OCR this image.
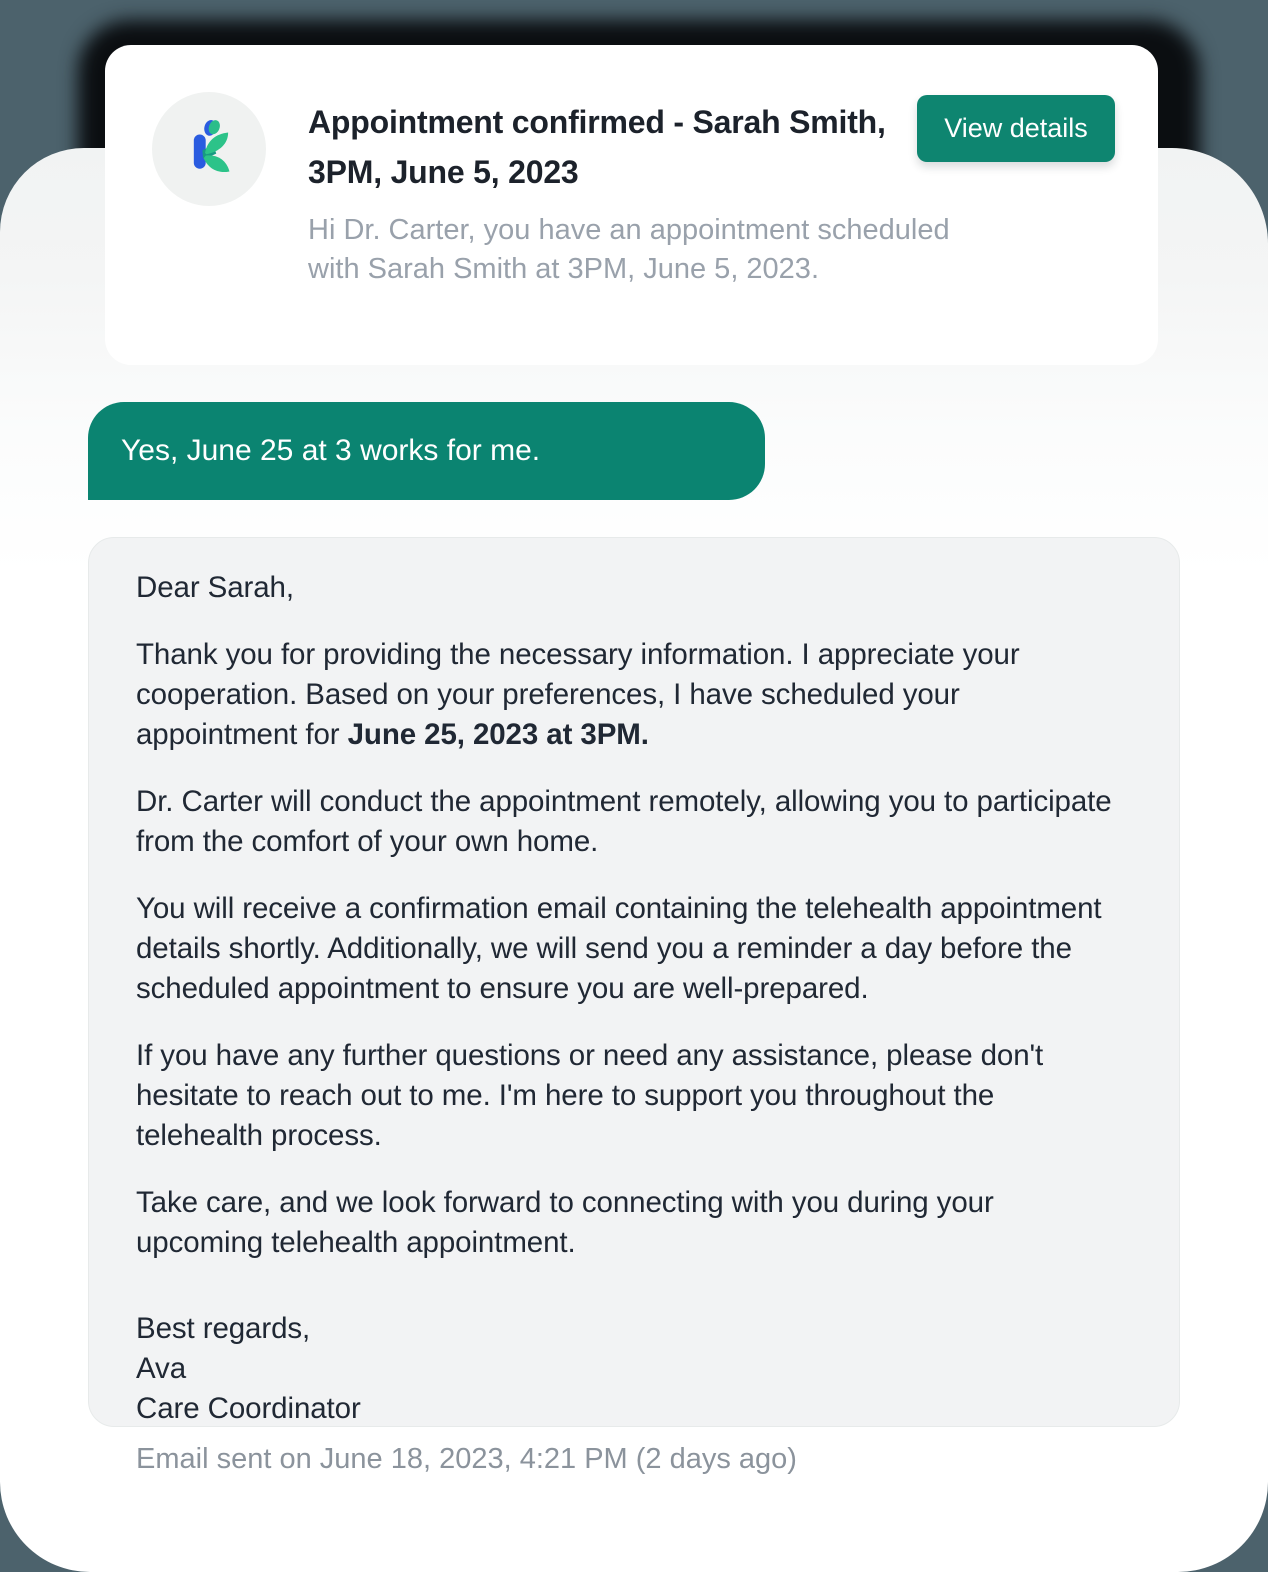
Appointment confirmed - Sarah Smith, 3PM, June 5, 2023

Hi Dr. Carter, you have an appointment scheduled with Sarah Smith at 3PM, June 5, 2023.

View details
Yes, June 25 at 3 works for me.

Dear Sarah,

Thank you for providing the necessary information. I appreciate your cooperation. Based on your preferences, I have scheduled your appointment for June 25, 2023 at 3PM.

Dr. Carter will conduct the appointment remotely, allowing you to participate from the comfort of your own home.

You will receive a confirmation email containing the telehealth appointment details shortly. Additionally, we will send you a reminder a day before the scheduled appointment to ensure you are well-prepared.

If you have any further questions or need any assistance, please don't hesitate to reach out to me. I'm here to support you throughout the telehealth process.

Take care, and we look forward to connecting with you during your upcoming telehealth appointment.

Best regards,

Ava

Care Coordinator

Email sent on June 18, 2023, 4:21 PM (2 days ago)
